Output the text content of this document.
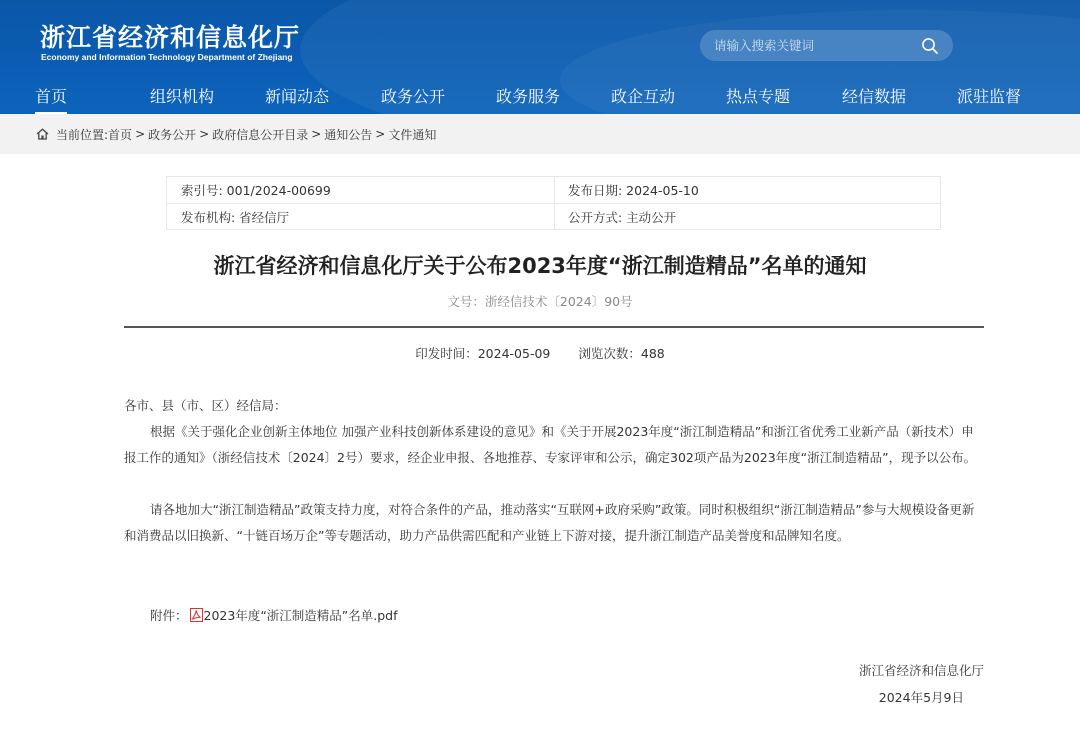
浙江省经济和信息化厅
Economy and Information Technology Department of Zhejiang
请输入搜索关键词
首页	组织机构	新闻动态	政务公开	政务服务	政企互动	热点专题	经信数据	派驻监督
当前位置: 首页 > 政务公开 > 政府信息公开目录 > 通知公告 > 文件通知
索引号: 001/2024-00699	发布日期: 2024-05-10
发布机构: 省经信厅	公开方式: 主动公开
浙江省经济和信息化厅关于公布2023年度“浙江制造精品”名单的通知
文号：浙经信技术〔2024〕90号
印发时间：2024-05-09 浏览次数：488
各市、县（市、区）经信局：
根据《关于强化企业创新主体地位 加强产业科技创新体系建设的意见》和《关于开展2023年度“浙江制造精品”和浙江省优秀工业新产品（新技术）申报工作的通知》（浙经信技术〔2024〕2号）要求，经企业申报、各地推荐、专家评审和公示，确定302项产品为2023年度“浙江制造精品”，现予以公布。
请各地加大“浙江制造精品”政策支持力度，对符合条件的产品，推动落实“互联网+政府采购”政策。同时积极组织“浙江制造精品”参与大规模设备更新和消费品以旧换新、“十链百场万企”等专题活动，助力产品供需匹配和产业链上下游对接，提升浙江制造产品美誉度和品牌知名度。
附件： 2023年度“浙江制造精品”名单.pdf
浙江省经济和信息化厅
2024年5月9日
